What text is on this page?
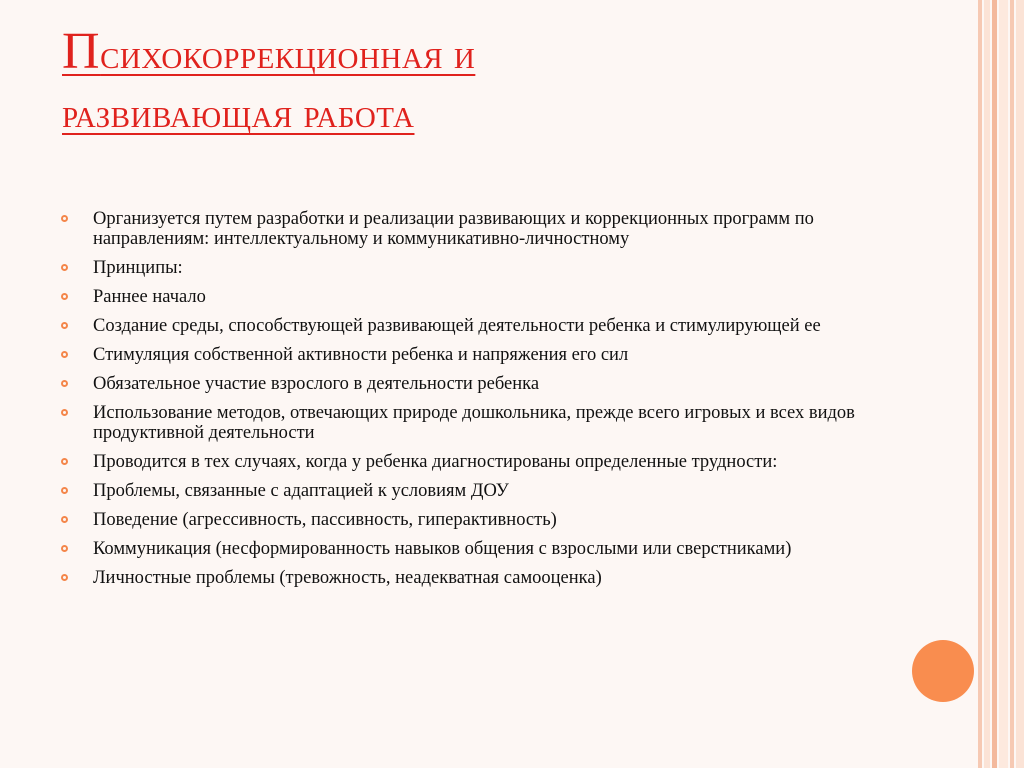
Психокоррекционная и
развивающая работа
Организуется путем разработки и реализации развивающих и коррекционных программ по направлениям: интеллектуальному и коммуникативно-личностному
Принципы:
Раннее начало
Создание среды, способствующей развивающей деятельности ребенка и стимулирующей ее
Стимуляция собственной активности ребенка и напряжения его сил
Обязательное участие взрослого в деятельности ребенка
Использование методов, отвечающих природе дошкольника, прежде всего игровых и всех видов продуктивной деятельности
Проводится в тех случаях, когда у ребенка диагностированы определенные трудности:
Проблемы, связанные с адаптацией к условиям ДОУ
Поведение (агрессивность, пассивность, гиперактивность)
Коммуникация (несформированность навыков общения с взрослыми или сверстниками)
Личностные проблемы (тревожность, неадекватная самооценка)
